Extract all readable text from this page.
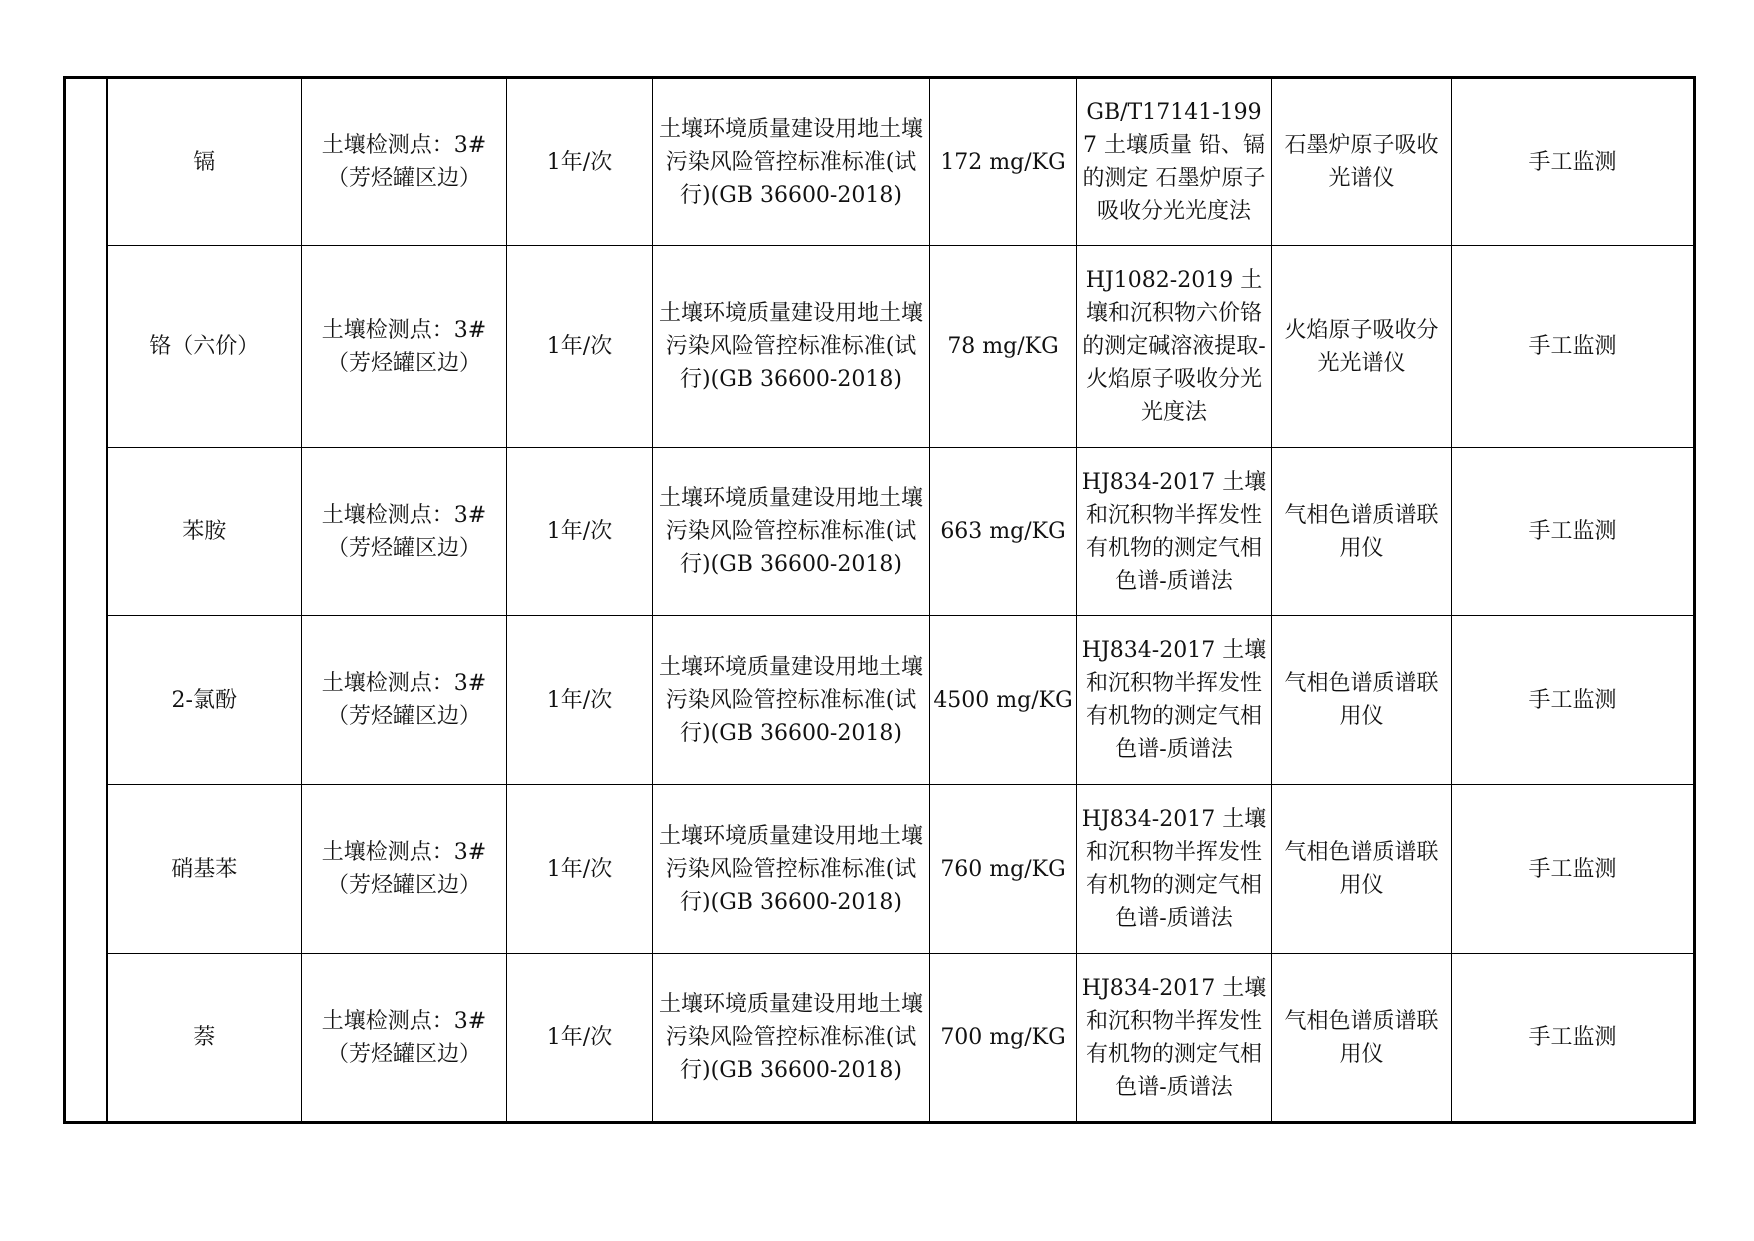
	镉	土壤检测点：3#（芳烃罐区边）	1年/次	土壤环境质量建设用地土壤污染风险管控标准标准(试行)(GB 36600-2018)	172 mg/KG	GB/T17141-1997 土壤质量 铅、镉的测定 石墨炉原子吸收分光光度法	石墨炉原子吸收光谱仪	手工监测
	铬（六价）	土壤检测点：3#（芳烃罐区边）	1年/次	土壤环境质量建设用地土壤污染风险管控标准标准(试行)(GB 36600-2018)	78 mg/KG	HJ1082-2019 土壤和沉积物六价铬的测定碱溶液提取-火焰原子吸收分光光度法	火焰原子吸收分光光谱仪	手工监测
	苯胺	土壤检测点：3#（芳烃罐区边）	1年/次	土壤环境质量建设用地土壤污染风险管控标准标准(试行)(GB 36600-2018)	663 mg/KG	HJ834-2017 土壤和沉积物半挥发性有机物的测定气相色谱-质谱法	气相色谱质谱联用仪	手工监测
	2-氯酚	土壤检测点：3#（芳烃罐区边）	1年/次	土壤环境质量建设用地土壤污染风险管控标准标准(试行)(GB 36600-2018)	4500 mg/KG	HJ834-2017 土壤和沉积物半挥发性有机物的测定气相色谱-质谱法	气相色谱质谱联用仪	手工监测
	硝基苯	土壤检测点：3#（芳烃罐区边）	1年/次	土壤环境质量建设用地土壤污染风险管控标准标准(试行)(GB 36600-2018)	760 mg/KG	HJ834-2017 土壤和沉积物半挥发性有机物的测定气相色谱-质谱法	气相色谱质谱联用仪	手工监测
	萘	土壤检测点：3#（芳烃罐区边）	1年/次	土壤环境质量建设用地土壤污染风险管控标准标准(试行)(GB 36600-2018)	700 mg/KG	HJ834-2017 土壤和沉积物半挥发性有机物的测定气相色谱-质谱法	气相色谱质谱联用仪	手工监测
